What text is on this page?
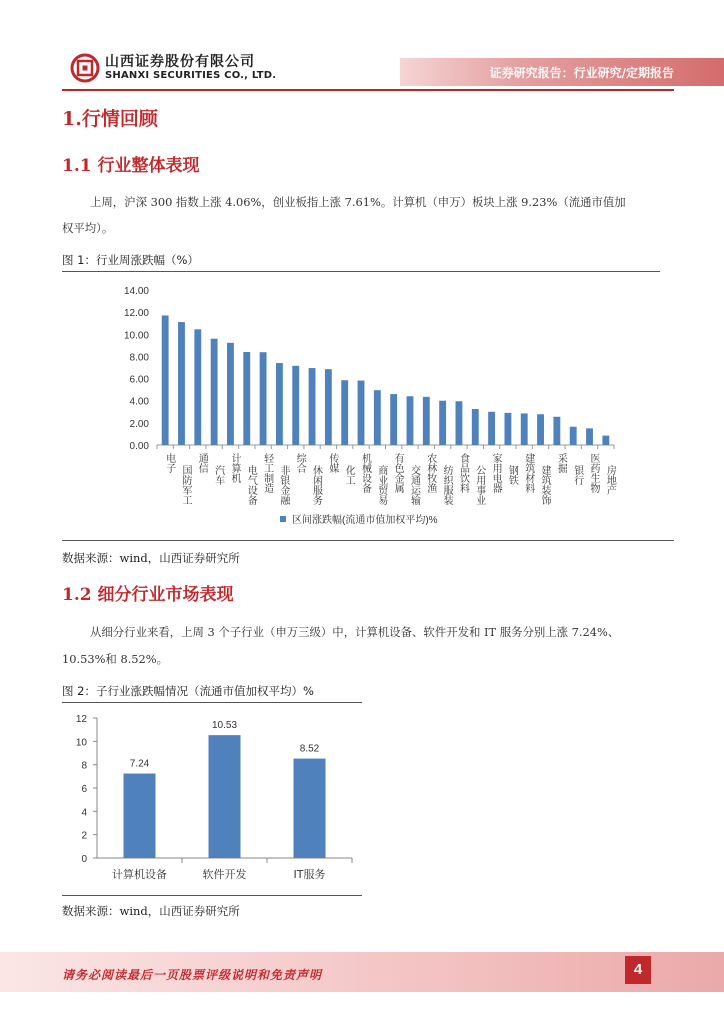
山西证券股份有限公司
SHANXI SECURITIES CO., LTD.	证券研究报告：行业研究/定期报告
1.行情回顾
1.1 行业整体表现
上周，沪深 300 指数上涨 4.06%，创业板指上涨 7.61%。计算机（申万）板块上涨 9.23%（流通市值加
权平均）。
图 1：行业周涨跌幅（%）
0.00
2.00
4.00
6.00
8.00
10.00
12.00
14.00
电子
国防军工
通信
汽车 计算机 电气设备 轻工制造 非银金融
综合
休闲服务
传媒
化工 机械设备 商业贸易 有色金属 交通运输 农林牧渔 纺织服装 食品饮料 公用事业 家用电器 钢铁 建筑材料 建筑装饰
采掘
银行 医药生物 房地产
区间涨跌幅(流通市值加权平均)%
数据来源：wind，山西证券研究所
1.2 细分行业市场表现
从细分行业来看，上周 3 个子行业（申万三级）中，计算机设备、软件开发和 IT 服务分别上涨 7.24%、
10.53%和 8.52%。
图 2：子行业涨跌幅情况（流通市值加权平均）%
0
2
4
6
8
10
12
7.24
计算机设备
10.53
软件开发
8.52
IT服务
数据来源：wind，山西证券研究所
请务必阅读最后一页股票评级说明和免责声明	4
